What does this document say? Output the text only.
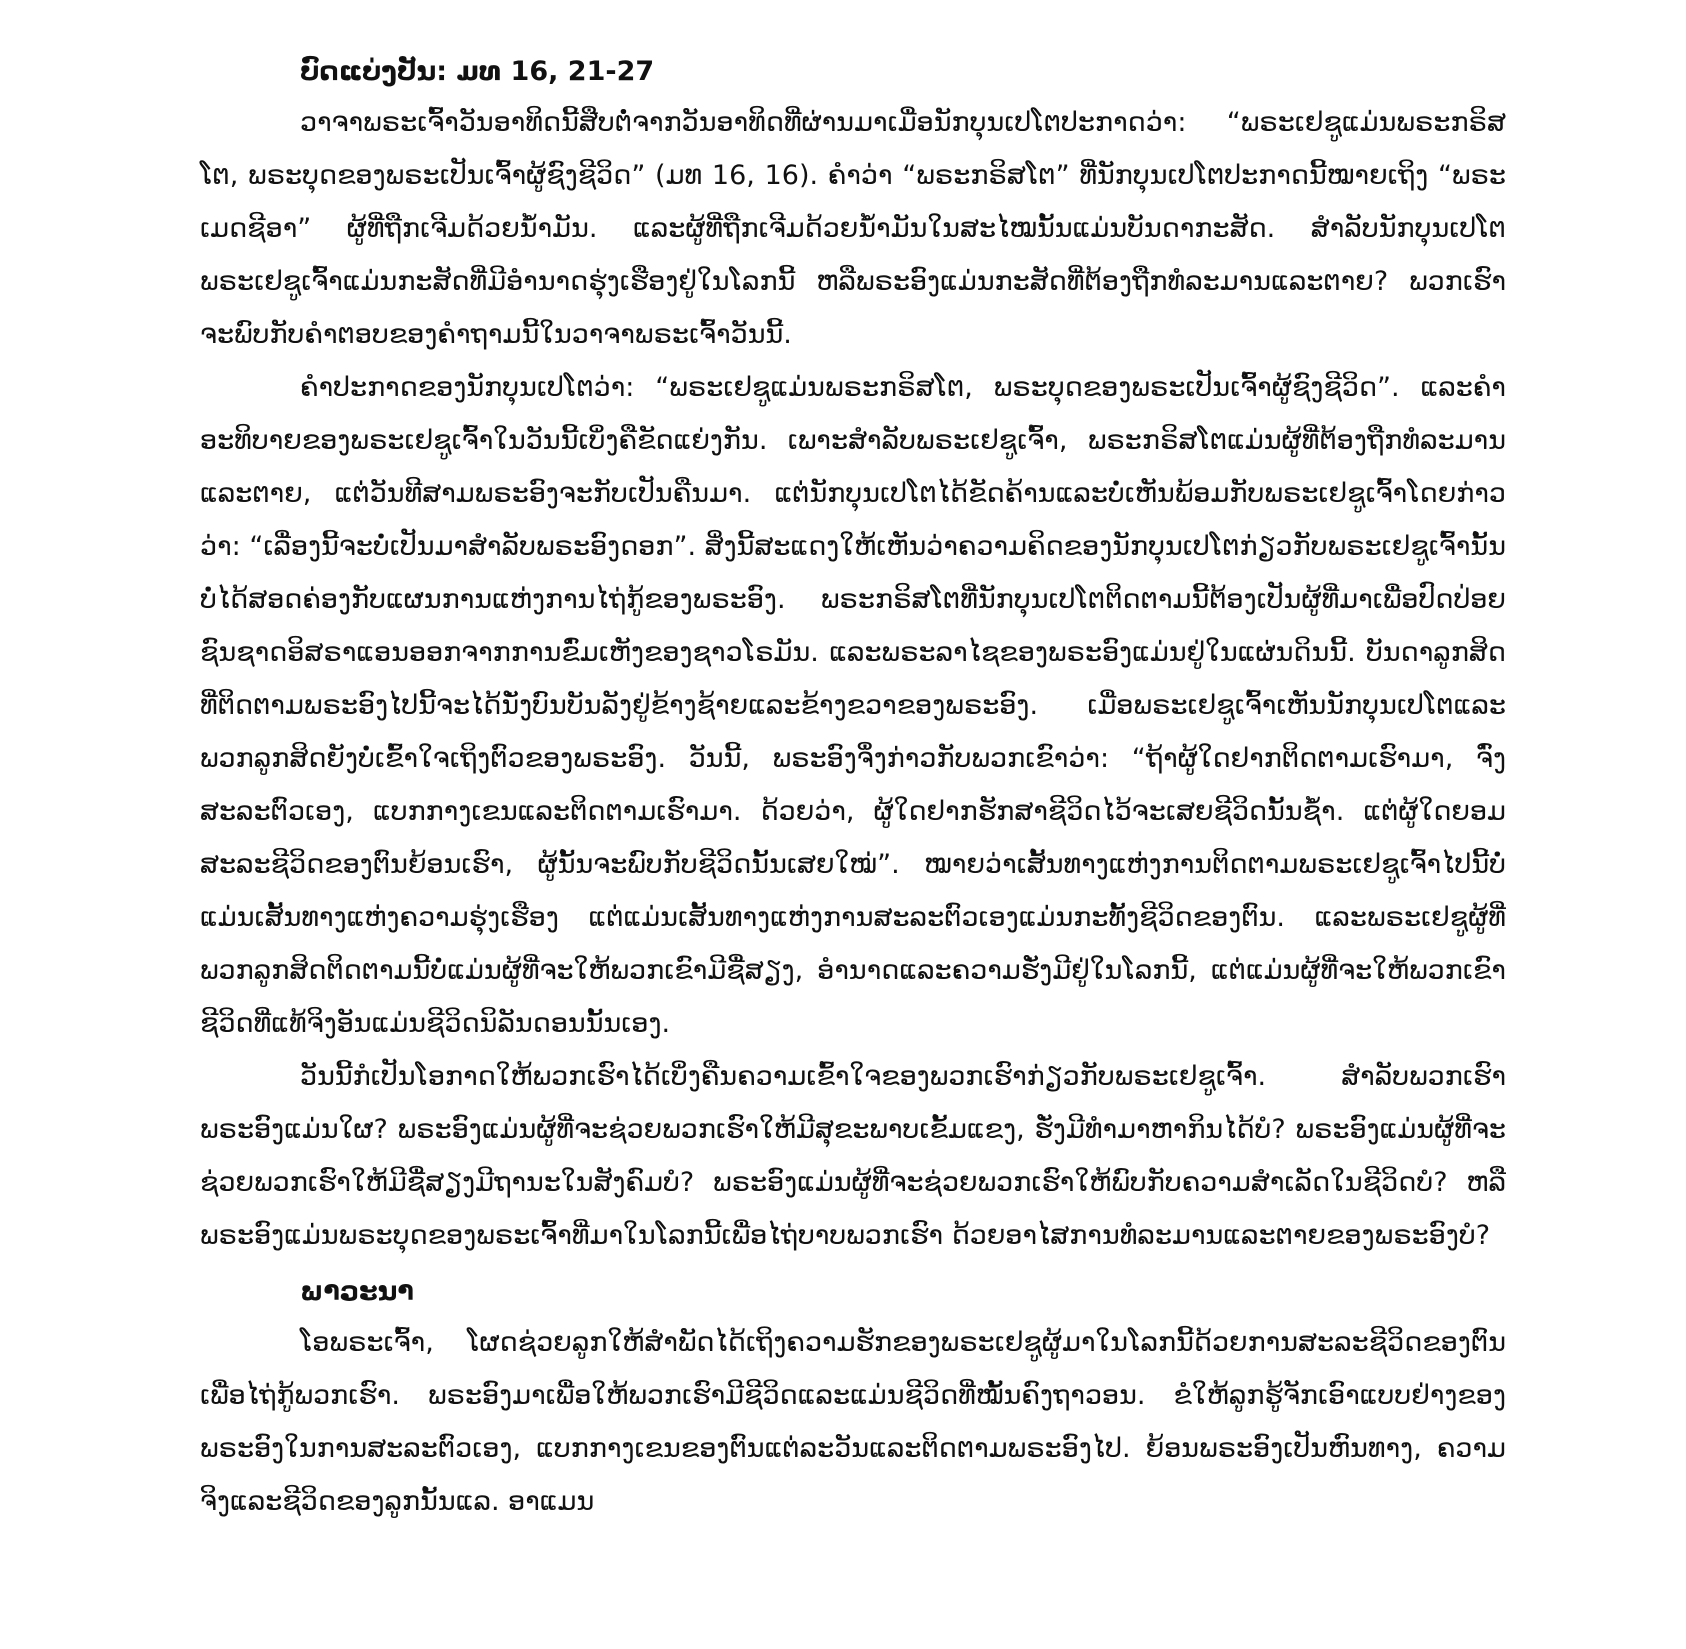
ບົດແບ່ງປັນ: ມທ 16, 21-27

ວາຈາພຣະເຈົ້າວັນອາທິດນີ້ສືບຕໍ່ຈາກວັນອາທິດທີ່ຜ່ານມາເມື່ອນັກບຸນເປໂຕປະກາດວ່າ: “ພຣະເຢຊູແມ່ນພຣະກຣິສໂຕ, ພຣະບຸດຂອງພຣະເປັນເຈົ້າຜູ້ຊົງຊີວິດ” (ມທ 16, 16). ຄຳວ່າ “ພຣະກຣິສໂຕ” ທີ່ນັກບຸນເປໂຕປະກາດນີ້ໝາຍເຖິງ “ພຣະເມດຊີອາ” ຜູ້ທີ່ຖືກເຈີມດ້ວຍນ້ຳມັນ. ແລະຜູ້ທີ່ຖືກເຈີມດ້ວຍນ້ຳມັນໃນສະໄໝນັ້ນແມ່ນບັນດາກະສັດ. ສຳລັບນັກບຸນເປໂຕພຣະເຢຊູເຈົ້າແມ່ນກະສັດທີ່ມີອຳນາດຮຸ່ງເຮືອງຢູ່ໃນໂລກນີ້ ຫລືພຣະອົງແມ່ນກະສັດທີ່ຕ້ອງຖືກທໍລະມານແລະຕາຍ? ພວກເຮົາຈະພົບກັບຄຳຕອບຂອງຄຳຖາມນີ້ໃນວາຈາພຣະເຈົ້າວັນນີ້.

ຄຳປະກາດຂອງນັກບຸນເປໂຕວ່າ: “ພຣະເຢຊູແມ່ນພຣະກຣິສໂຕ, ພຣະບຸດຂອງພຣະເປັນເຈົ້າຜູ້ຊົງຊີວິດ”. ແລະຄຳອະທິບາຍຂອງພຣະເຢຊູເຈົ້າໃນວັນນີ້ເບິ່ງຄືຂັດແຍ່ງກັນ. ເພາະສຳລັບພຣະເຢຊູເຈົ້າ, ພຣະກຣິສໂຕແມ່ນຜູ້ທີ່ຕ້ອງຖືກທໍລະມານແລະຕາຍ, ແຕ່ວັນທີສາມພຣະອົງຈະກັບເປັນຄືນມາ. ແຕ່ນັກບຸນເປໂຕໄດ້ຂັດຄ້ານແລະບໍ່ເຫັນພ້ອມກັບພຣະເຢຊູເຈົ້າໂດຍກ່າວວ່າ: “ເລື່ອງນີ້ຈະບໍ່ເປັນມາສຳລັບພຣະອົງດອກ”. ສິ່ງນີ້ສະແດງໃຫ້ເຫັນວ່າຄວາມຄິດຂອງນັກບຸນເປໂຕກ່ຽວກັບພຣະເຢຊູເຈົ້ານັ້ນບໍ່ໄດ້ສອດຄ່ອງກັບແຜນການແຫ່ງການໄຖ່ກູ້ຂອງພຣະອົງ. ພຣະກຣິສໂຕທີ່ນັກບຸນເປໂຕຕິດຕາມນີ້ຕ້ອງເປັນຜູ້ທີ່ມາເພື່ອປົດປ່ອຍຊົນຊາດອິສຣາແອນອອກຈາກການຂົ່ມເຫັງຂອງຊາວໂຣມັນ. ແລະພຣະລາໄຊຂອງພຣະອົງແມ່ນຢູ່ໃນແຜ່ນດິນນີ້. ບັນດາລູກສິດທີ່ຕິດຕາມພຣະອົງໄປນີ້ຈະໄດ້ນັ່ງບົນບັນລັງຢູ່ຂ້າງຊ້າຍແລະຂ້າງຂວາຂອງພຣະອົງ. ເມື່ອພຣະເຢຊູເຈົ້າເຫັນນັກບຸນເປໂຕແລະພວກລູກສິດຍັງບໍ່ເຂົ້າໃຈເຖິງຕົວຂອງພຣະອົງ. ວັນນີ້, ພຣະອົງຈຶ່ງກ່າວກັບພວກເຂົາວ່າ: “ຖ້າຜູ້ໃດຢາກຕິດຕາມເຮົາມາ, ຈົ່ງສະລະຕົວເອງ, ແບກກາງເຂນແລະຕິດຕາມເຮົາມາ. ດ້ວຍວ່າ, ຜູ້ໃດຢາກຮັກສາຊີວິດໄວ້ຈະເສຍຊີວິດນັ້ນຊ້ຳ. ແຕ່ຜູ້ໃດຍອມສະລະຊີວິດຂອງຕົນຍ້ອນເຮົາ, ຜູ້ນັ້ນຈະພົບກັບຊີວິດນັ້ນເສຍໃໝ່”. ໝາຍວ່າເສັ້ນທາງແຫ່ງການຕິດຕາມພຣະເຢຊູເຈົ້າໄປນີ້ບໍ່ແມ່ນເສັ້ນທາງແຫ່ງຄວາມຮຸ່ງເຮືອງ ແຕ່ແມ່ນເສັ້ນທາງແຫ່ງການສະລະຕົວເອງແມ່ນກະທັ້ງຊີວິດຂອງຕົນ. ແລະພຣະເຢຊູຜູ້ທີ່ພວກລູກສິດຕິດຕາມນີ້ບໍ່ແມ່ນຜູ້ທີ່ຈະໃຫ້ພວກເຂົາມີຊື່ສຽງ, ອຳນາດແລະຄວາມຮັ່ງມີຢູ່ໃນໂລກນີ້, ແຕ່ແມ່ນຜູ້ທີ່ຈະໃຫ້ພວກເຂົາຊີວິດທີ່ແທ້ຈິງອັນແມ່ນຊີວິດນິລັນດອນນັ້ນເອງ.

ວັນນີ້ກໍເປັນໂອກາດໃຫ້ພວກເຮົາໄດ້ເບິ່ງຄືນຄວາມເຂົ້າໃຈຂອງພວກເຮົາກ່ຽວກັບພຣະເຢຊູເຈົ້າ. ສຳລັບພວກເຮົາ ພຣະອົງແມ່ນໃຜ? ພຣະອົງແມ່ນຜູ້ທີ່ຈະຊ່ວຍພວກເຮົາໃຫ້ມີສຸຂະພາບເຂັ້ມແຂງ, ຮັ່ງມີທຳມາຫາກິນໄດ້ບໍ? ພຣະອົງແມ່ນຜູ້ທີ່ຈະຊ່ວຍພວກເຮົາໃຫ້ມີຊື່ສຽງມີຖານະໃນສັງຄົມບໍ? ພຣະອົງແມ່ນຜູ້ທີ່ຈະຊ່ວຍພວກເຮົາໃຫ້ພົບກັບຄວາມສຳເລັດໃນຊີວິດບໍ? ຫລືພຣະອົງແມ່ນພຣະບຸດຂອງພຣະເຈົ້າທີ່ມາໃນໂລກນີ້ເພື່ອໄຖ່ບາບພວກເຮົາ ດ້ວຍອາໄສການທໍລະມານແລະຕາຍຂອງພຣະອົງບໍ?

ພາວະນາ

ໂອພຣະເຈົ້າ, ໂຜດຊ່ວຍລູກໃຫ້ສຳພັດໄດ້ເຖິງຄວາມຮັກຂອງພຣະເຢຊູຜູ້ມາໃນໂລກນີ້ດ້ວຍການສະລະຊີວິດຂອງຕົນເພື່ອໄຖ່ກູ້ພວກເຮົາ. ພຣະອົງມາເພື່ອໃຫ້ພວກເຮົາມີຊີວິດແລະແມ່ນຊີວິດທີ່ໝັ້ນຄົງຖາວອນ. ຂໍໃຫ້ລູກຮູ້ຈັກເອົາແບບຢ່າງຂອງພຣະອົງໃນການສະລະຕົວເອງ, ແບກກາງເຂນຂອງຕົນແຕ່ລະວັນແລະຕິດຕາມພຣະອົງໄປ. ຍ້ອນພຣະອົງເປັນຫົນທາງ, ຄວາມຈິງແລະຊີວິດຂອງລູກນັ້ນແລ. ອາແມນ
